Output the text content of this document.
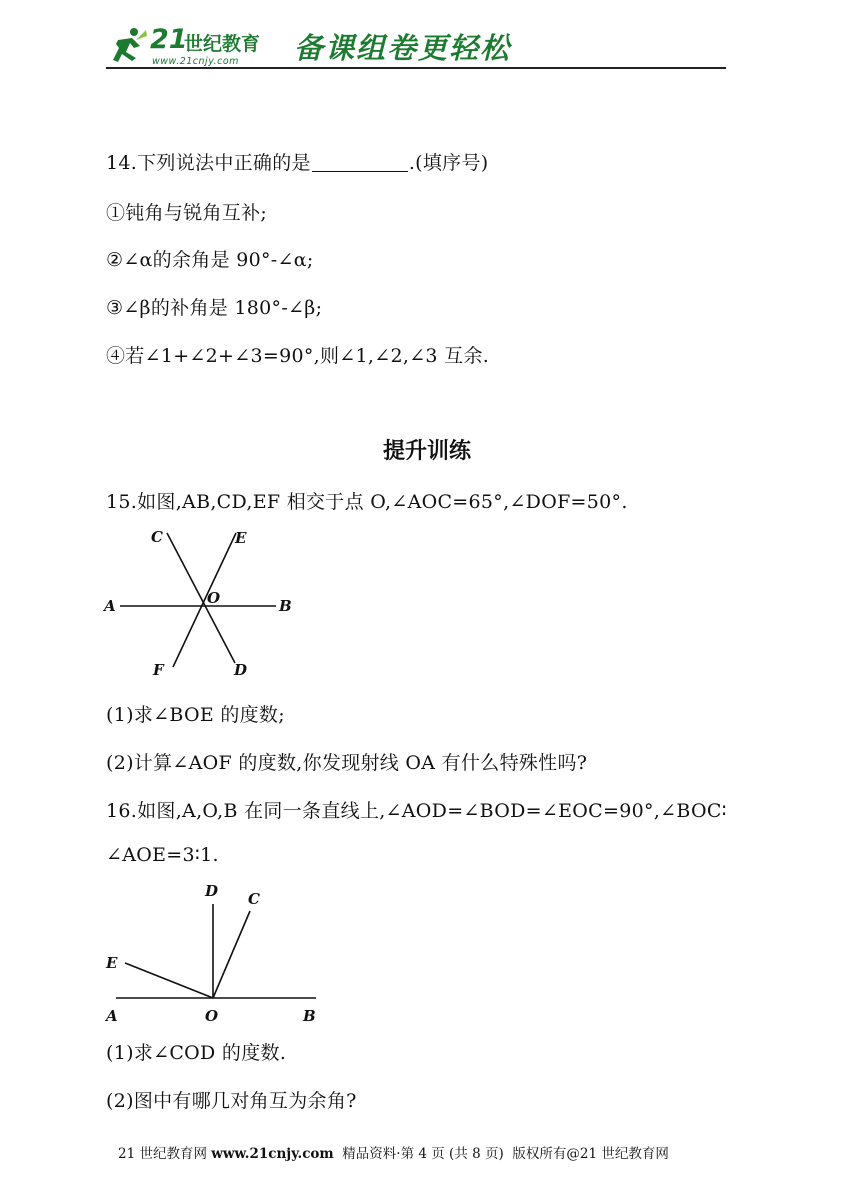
21
世纪教育
www.21cnjy.com 备课组卷更轻松
14.下列说法中正确的是	.(填序号)
①钝角与锐角互补;
②∠α的余角是 90°-∠α;
③∠β的补角是 180°-∠β;
④若∠1+∠2+∠3=90°,则∠1,∠2,∠3 互余.
提升训练
15.如图,AB,CD,EF 相交于点 O,∠AOC=65°,∠DOF=50°.
C	E
A	O	B
F	D
(1)求∠BOE 的度数;
(2)计算∠AOF 的度数,你发现射线 OA 有什么特殊性吗?
16.如图,A,O,B 在同一条直线上,∠AOD=∠BOD=∠EOC=90°,∠BOC∶
∠AOE=3∶1.
D C
E
A	O	B
(1)求∠COD 的度数.
(2)图中有哪几对角互为余角?
21 世纪教育网 www.21cnjy.com 精品资料·第 4 页 (共 8 页) 版权所有@21 世纪教育网
